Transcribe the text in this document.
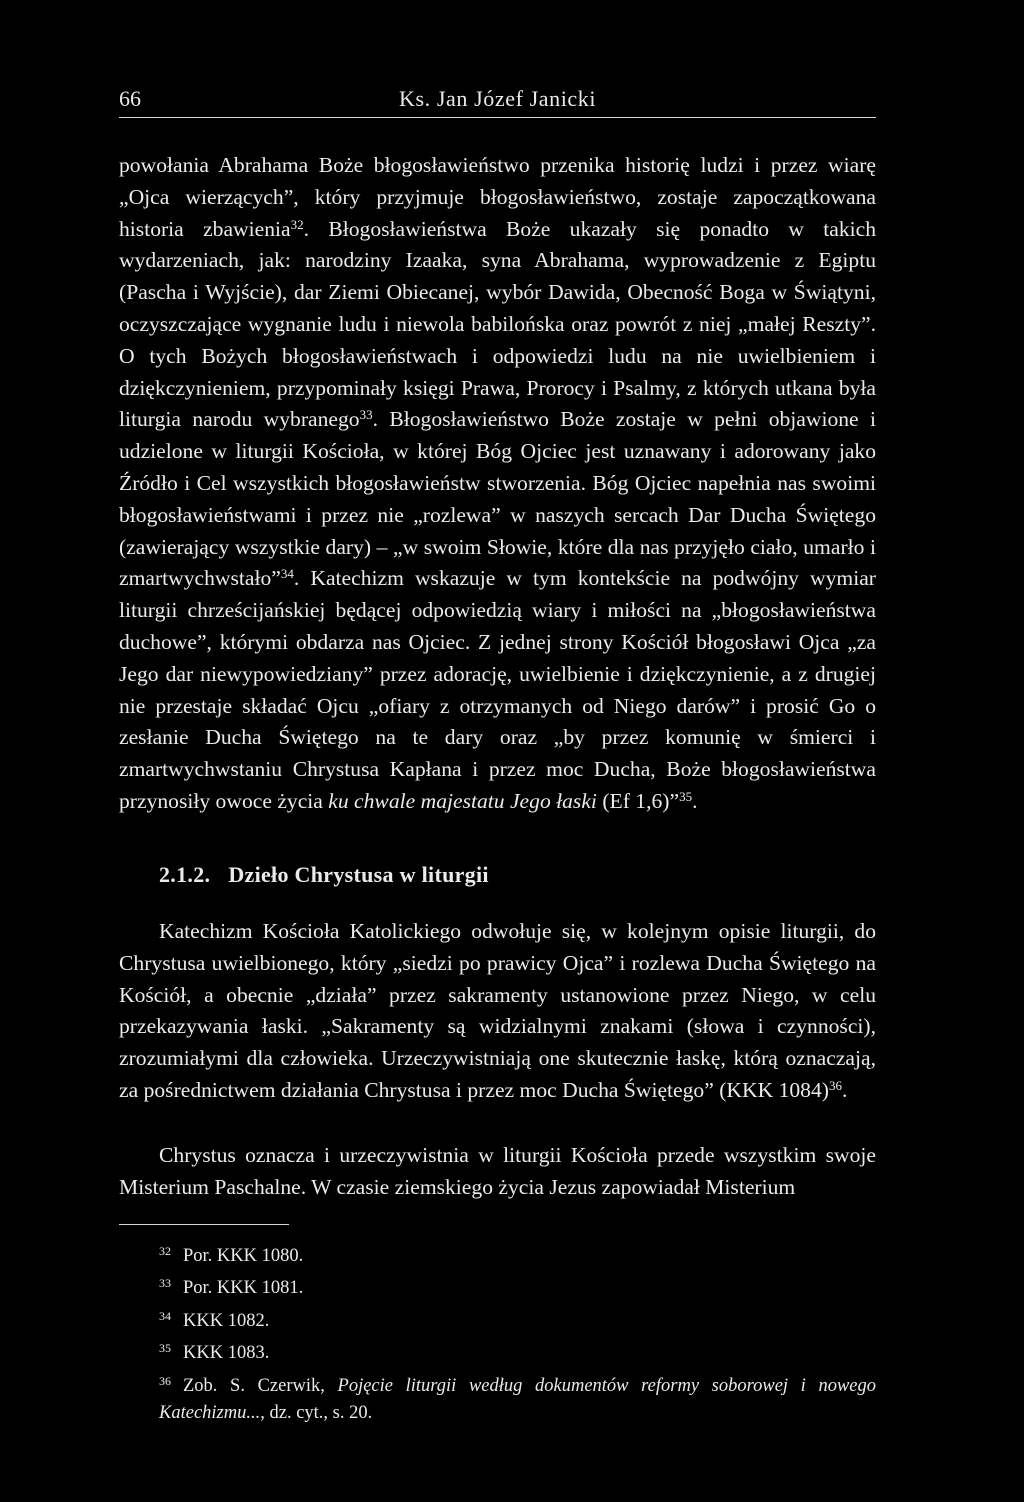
66	Ks. Jan Józef Janicki

powołania Abrahama Boże błogosławieństwo przenika historię ludzi i przez wiarę „Ojca wierzących”, który przyjmuje błogosławieństwo, zostaje zapoczątkowana historia zbawienia$^{32}$. Błogosławieństwa Boże ukazały się ponadto w takich wydarzeniach, jak: narodziny Izaaka, syna Abrahama, wyprowadzenie z Egiptu (Pascha i Wyjście), dar Ziemi Obiecanej, wybór Dawida, Obecność Boga w Świątyni, oczyszczające wygnanie ludu i niewola babilońska oraz powrót z niej „małej Reszty”. O tych Bożych błogosławieństwach i odpowiedzi ludu na nie uwielbieniem i dziękczynieniem, przypominały księgi Prawa, Prorocy i Psalmy, z których utkana była liturgia narodu wybranego$^{33}$. Błogosławieństwo Boże zostaje w pełni objawione i udzielone w liturgii Kościoła, w której Bóg Ojciec jest uznawany i adorowany jako Źródło i Cel wszystkich błogosławieństw stworzenia. Bóg Ojciec napełnia nas swoimi błogosławieństwami i przez nie „rozlewa” w naszych sercach Dar Ducha Świętego (zawierający wszystkie dary) – „w swoim Słowie, które dla nas przyjęło ciało, umarło i zmartwychwstało”$^{34}$. Katechizm wskazuje w tym kontekście na podwójny wymiar liturgii chrześcijańskiej będącej odpowiedzią wiary i miłości na „błogosławieństwa duchowe”, którymi obdarza nas Ojciec. Z jednej strony Kościół błogosławi Ojca „za Jego dar niewypowiedziany” przez adorację, uwielbienie i dziękczynienie, a z drugiej nie przestaje składać Ojcu „ofiary z otrzymanych od Niego darów” i prosić Go o zesłanie Ducha Świętego na te dary oraz „by przez komunię w śmierci i zmartwychwstaniu Chrystusa Kapłana i przez moc Ducha, Boże błogosławieństwa przynosiły owoce życia ku chwale majestatu Jego łaski (Ef 1,6)”$^{35}$.

2.1.2. Dzieło Chrystusa w liturgii

Katechizm Kościoła Katolickiego odwołuje się, w kolejnym opisie liturgii, do Chrystusa uwielbionego, który „siedzi po prawicy Ojca” i rozlewa Ducha Świętego na Kościół, a obecnie „działa” przez sakramenty ustanowione przez Niego, w celu przekazywania łaski. „Sakramenty są widzialnymi znakami (słowa i czynności), zrozumiałymi dla człowieka. Urzeczywistniają one skutecznie łaskę, którą oznaczają, za pośrednictwem działania Chrystusa i przez moc Ducha Świętego” (KKK 1084)$^{36}$.

Chrystus oznacza i urzeczywistnia w liturgii Kościoła przede wszystkim swoje Misterium Paschalne. W czasie ziemskiego życia Jezus zapowiadał Misterium

32 Por. KKK 1080.

33 Por. KKK 1081.

34 KKK 1082.

35 KKK 1083.

36 Zob. S. Czerwik, Pojęcie liturgii według dokumentów reformy soborowej i nowego Katechizmu..., dz. cyt., s. 20.
